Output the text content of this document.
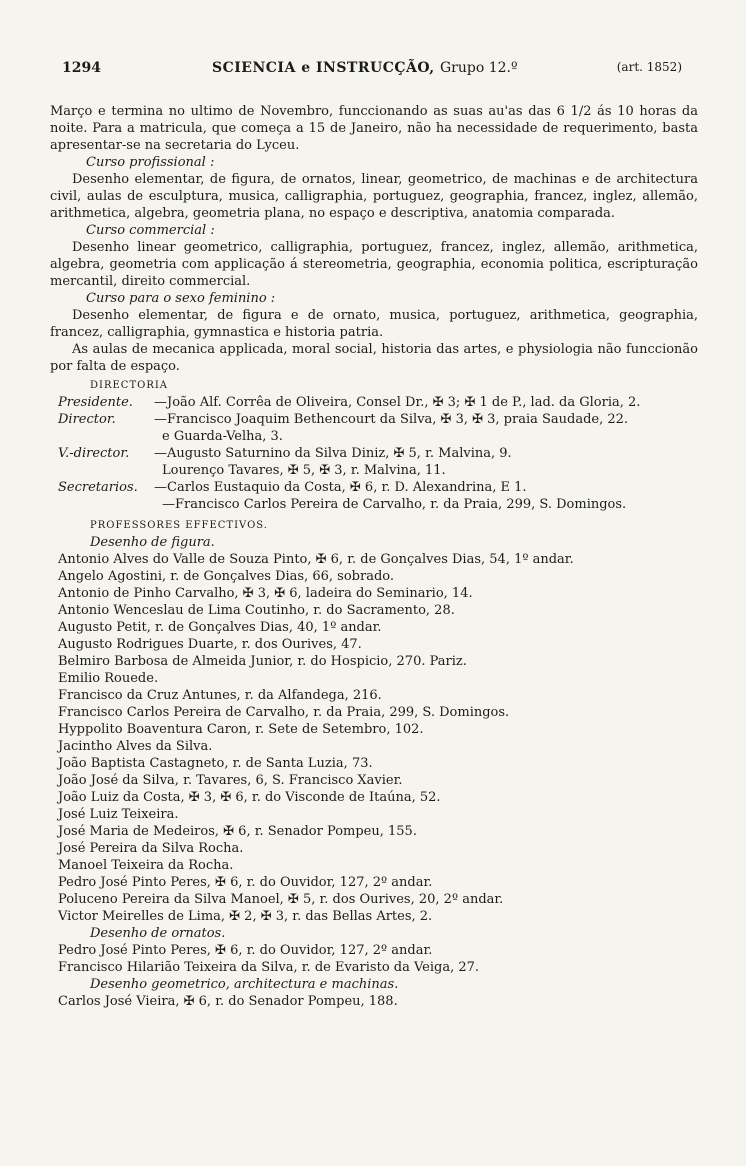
1294	SCIENCIA e INSTRUCÇÃO, Grupo 12.º	(art. 1852)

Março e termina no ultimo de Novembro, funccionando as suas au'as das 6 1/2 ás 10 horas da noite. Para a matricula, que começa a 15 de Janeiro, não ha necessidade de requerimento, basta apresentar-se na secretaria do Lyceu.

Curso profissional :

Desenho elementar, de figura, de ornatos, linear, geometrico, de machinas e de architectura civil, aulas de esculptura, musica, calligraphia, portuguez, geographia, francez, inglez, allemão, arithmetica, algebra, geometria plana, no espaço e descriptiva, anatomia comparada.

Curso commercial :

Desenho linear geometrico, calligraphia, portuguez, francez, inglez, allemão, arithmetica, algebra, geometria com applicação á stereometria, geographia, economia politica, escripturação mercantil, direito commercial.

Curso para o sexo feminino :

Desenho elementar, de figura e de ornato, musica, portuguez, arithmetica, geographia, francez, calligraphia, gymnastica e historia patria.

As aulas de mecanica applicada, moral social, historia das artes, e physiologia não funccionão por falta de espaço.

DIRECTORIA
Presidente.	—João Alf. Corrêa de Oliveira, Consel Dr., ✠ 3; ✠ 1 de P., lad. da Gloria, 2.
Director.	—Francisco Joaquim Bethencourt da Silva, ✠ 3, ✠ 3, praia Saudade, 22.
e Guarda-Velha, 3.
V.-director.	—Augusto Saturnino da Silva Diniz, ✠ 5, r. Malvina, 9.
Lourenço Tavares, ✠ 5, ✠ 3, r. Malvina, 11.
Secretarios.	—Carlos Eustaquio da Costa, ✠ 6, r. D. Alexandrina, E 1.
—Francisco Carlos Pereira de Carvalho, r. da Praia, 299, S. Domingos.
PROFESSORES EFFECTIVOS.

Desenho de figura.

Antonio Alves do Valle de Souza Pinto, ✠ 6, r. de Gonçalves Dias, 54, 1º andar.

Angelo Agostini, r. de Gonçalves Dias, 66, sobrado.

Antonio de Pinho Carvalho, ✠ 3, ✠ 6, ladeira do Seminario, 14.

Antonio Wenceslau de Lima Coutinho, r. do Sacramento, 28.

Augusto Petit, r. de Gonçalves Dias, 40, 1º andar.

Augusto Rodrigues Duarte, r. dos Ourives, 47.

Belmiro Barbosa de Almeida Junior, r. do Hospicio, 270. Pariz.

Emilio Rouede.

Francisco da Cruz Antunes, r. da Alfandega, 216.

Francisco Carlos Pereira de Carvalho, r. da Praia, 299, S. Domingos.

Hyppolito Boaventura Caron, r. Sete de Setembro, 102.

Jacintho Alves da Silva.

João Baptista Castagneto, r. de Santa Luzia, 73.

João José da Silva, r. Tavares, 6, S. Francisco Xavier.

João Luiz da Costa, ✠ 3, ✠ 6, r. do Visconde de Itaúna, 52.

José Luiz Teixeira.

José Maria de Medeiros, ✠ 6, r. Senador Pompeu, 155.

José Pereira da Silva Rocha.

Manoel Teixeira da Rocha.

Pedro José Pinto Peres, ✠ 6, r. do Ouvidor, 127, 2º andar.

Poluceno Pereira da Silva Manoel, ✠ 5, r. dos Ourives, 20, 2º andar.

Victor Meirelles de Lima, ✠ 2, ✠ 3, r. das Bellas Artes, 2.

Desenho de ornatos.

Pedro José Pinto Peres, ✠ 6, r. do Ouvidor, 127, 2º andar.

Francisco Hilarião Teixeira da Silva, r. de Evaristo da Veiga, 27.

Desenho geometrico, architectura e machinas.

Carlos José Vieira, ✠ 6, r. do Senador Pompeu, 188.
